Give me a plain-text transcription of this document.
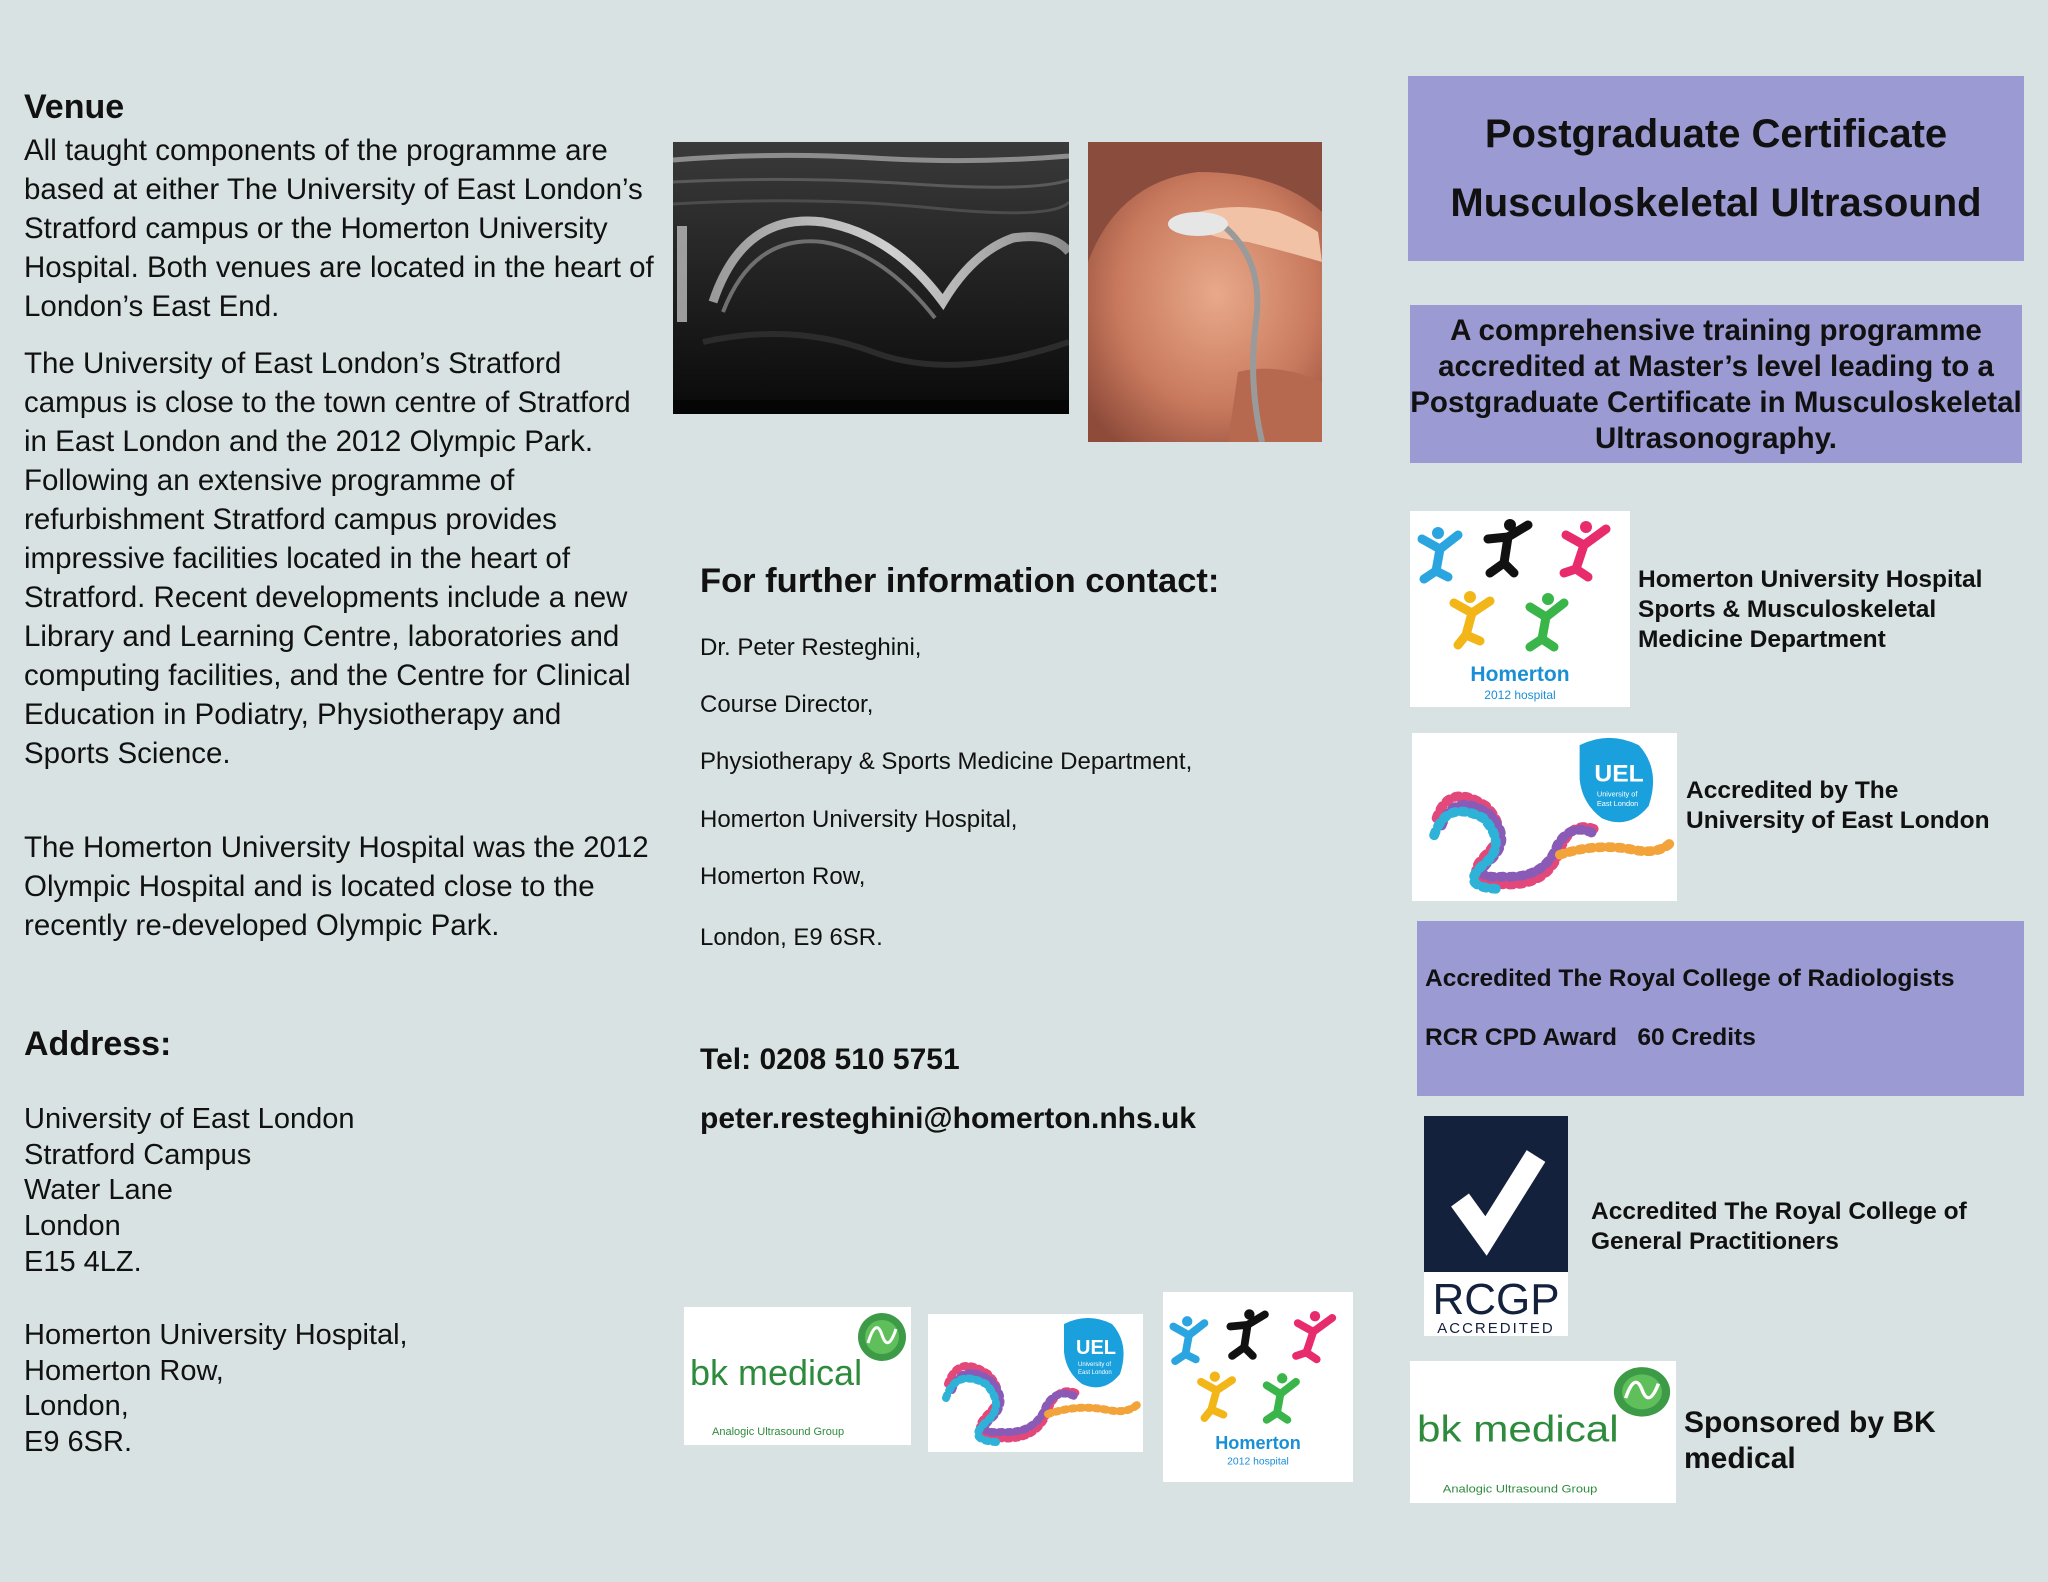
Venue

All taught components of the programme are based at either The University of East London’s Stratford campus or the Homerton University Hospital. Both venues are located in the heart of London’s East End.

The University of East London’s Stratford campus is close to the town centre of Stratford in East London and the 2012 Olympic Park. Following an extensive programme of refurbishment Stratford campus provides impressive facilities located in the heart of Stratford. Recent developments include a new Library and Learning Centre, laboratories and computing facilities, and the Centre for Clinical Education in Podiatry, Physiotherapy and Sports Science.

The Homerton University Hospital was the 2012 Olympic Hospital and is located close to the recently re-developed Olympic Park.

Address:
University of East London
Stratford Campus
Water Lane
London
E15 4LZ.
Homerton University Hospital,
Homerton Row,
London,
E9 6SR.
For further information contact:
Dr. Peter Resteghini,
Course Director,
Physiotherapy & Sports Medicine Department,
Homerton University Hospital,
Homerton Row,
London, E9 6SR.
Tel: 0208 510 5751
peter.resteghini@homerton.nhs.uk
bk medical
Analogic Ultrasound Group
UEL
University of
East London
Homerton
2012 hospital
Postgraduate Certificate
Musculoskeletal Ultrasound

A comprehensive training programme accredited at Master’s level leading to a Postgraduate Certificate in Musculoskeletal Ultrasonography.

Homerton
2012 hospital
Homerton University Hospital
Sports & Musculoskeletal
Medicine Department
UEL
University of
East London Accredited by The
University of East London
Accredited The Royal College of Radiologists
RCR CPD Award   60 Credits
RCGP
ACCREDITED
Accredited The Royal College of
General Practitioners
bk medical
Analogic Ultrasound Group
Sponsored by BK
medical
